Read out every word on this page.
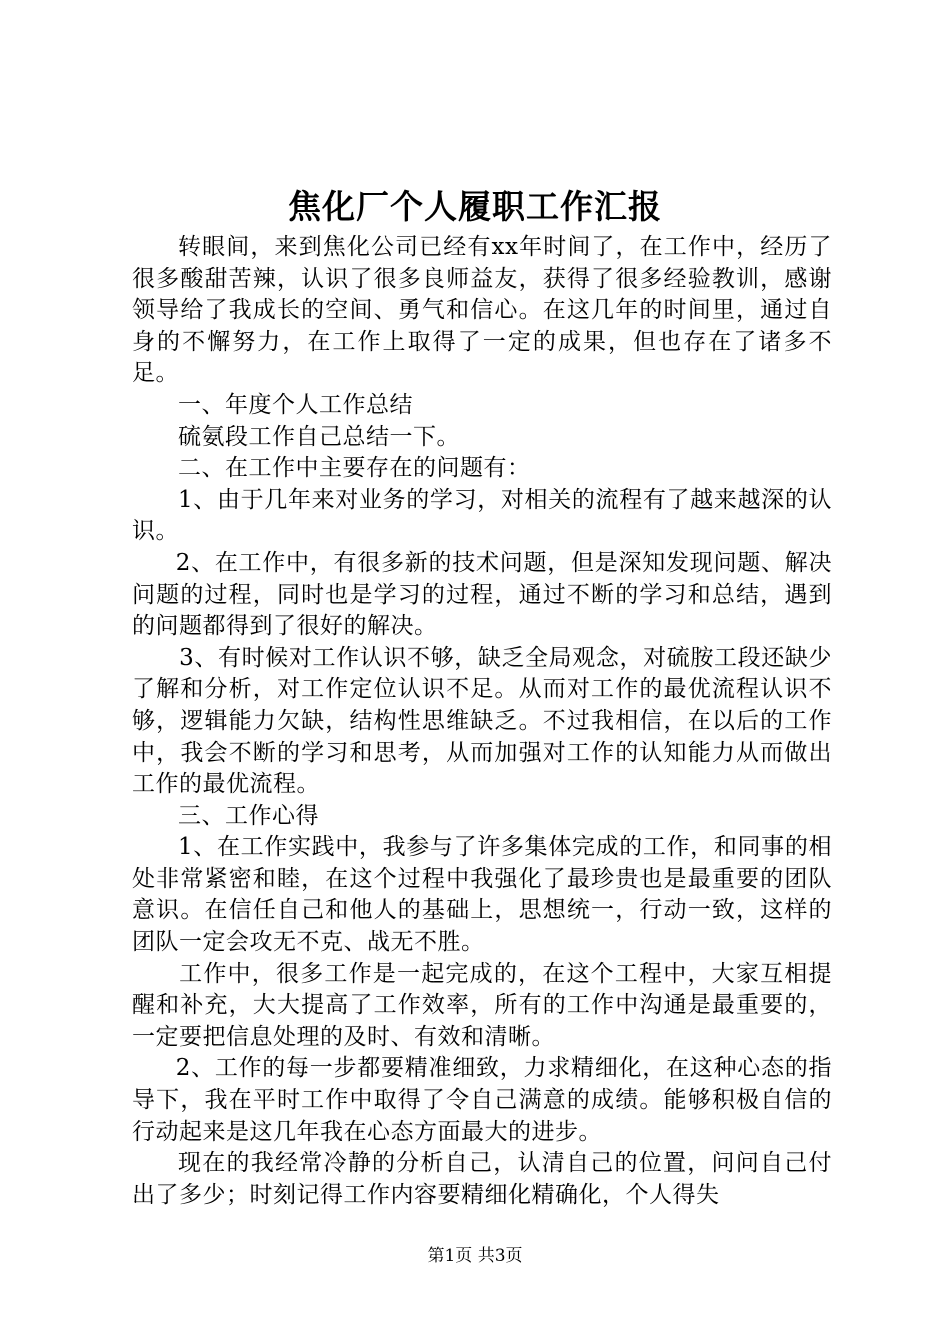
焦化厂个人履职工作汇报

转眼间，来到焦化公司已经有xx年时间了，在工作中，经历了很多酸甜苦辣，认识了很多良师益友，获得了很多经验教训，感谢领导给了我成长的空间、勇气和信心。在这几年的时间里，通过自身的不懈努力，在工作上取得了一定的成果，但也存在了诸多不足。

一、年度个人工作总结

硫氨段工作自己总结一下。

二、在工作中主要存在的问题有：

1、由于几年来对业务的学习，对相关的流程有了越来越深的认识。

2、在工作中，有很多新的技术问题，但是深知发现问题、解决问题的过程，同时也是学习的过程，通过不断的学习和总结，遇到的问题都得到了很好的解决。

3、有时候对工作认识不够，缺乏全局观念，对硫胺工段还缺少了解和分析，对工作定位认识不足。从而对工作的最优流程认识不够，逻辑能力欠缺，结构性思维缺乏。不过我相信，在以后的工作中，我会不断的学习和思考，从而加强对工作的认知能力从而做出工作的最优流程。

三、工作心得

1、在工作实践中，我参与了许多集体完成的工作，和同事的相处非常紧密和睦，在这个过程中我强化了最珍贵也是最重要的团队意识。在信任自己和他人的基础上，思想统一，行动一致，这样的团队一定会攻无不克、战无不胜。

工作中，很多工作是一起完成的，在这个工程中，大家互相提醒和补充，大大提高了工作效率，所有的工作中沟通是最重要的，一定要把信息处理的及时、有效和清晰。

2、工作的每一步都要精准细致，力求精细化，在这种心态的指导下，我在平时工作中取得了令自己满意的成绩。能够积极自信的行动起来是这几年我在心态方面最大的进步。

现在的我经常冷静的分析自己，认清自己的位置，问问自己付出了多少；时刻记得工作内容要精细化精确化，个人得失

第1页 共3页
